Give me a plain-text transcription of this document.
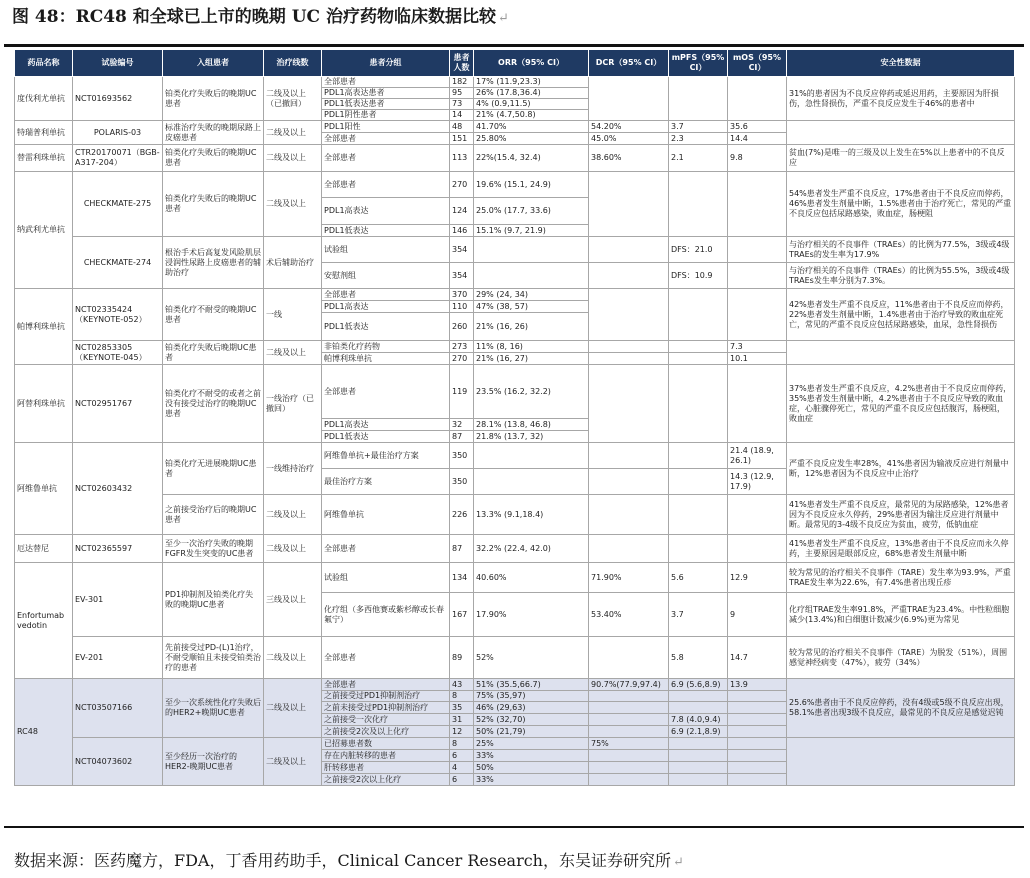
图 48：RC48 和全球已上市的晚期 UC 治疗药物临床数据比较 ↵
药品名称	试验编号	入组患者	治疗线数	患者分组	患者人数	ORR（95% CI）	DCR（95% CI）	mPFS（95% CI）	mOS（95% CI）	安全性数据
度伐利尤单抗	NCT01693562	铂类化疗失败后的晚期UC患者	二线及以上（已撤回）	全部患者	182	17% (11.9,23.3)				31%的患者因为不良反应停药或延迟用药，主要原因为肝损伤，急性肾损伤，严重不良反应发生于46%的患者中
				PDL1高表达患者	95	26% (17.8,36.4)				
				PDL1低表达患者	73	4% (0.9,11.5)				
				PDL1阴性患者	14	21% (4.7,50.8)				
特瑞普利单抗	POLARIS-03	标准治疗失败的晚期尿路上皮癌患者	二线及以上	PDL1阳性	48	41.70%	54.20%	3.7	35.6	
				全部患者	151	25.80%	45.0%	2.3	14.4	
替雷利珠单抗	CTR20170071（BGB-A317-204）	铂类化疗失败后的晚期UC患者	二线及以上	全部患者	113	22%(15.4, 32.4)	38.60%	2.1	9.8	贫血(7%)是唯一的三级及以上发生在5%以上患者中的不良反应
纳武利尤单抗	CHECKMATE-275	铂类化疗失败后的晚期UC患者	二线及以上	全部患者	270	19.6% (15.1, 24.9)				54%患者发生严重不良反应，17%患者由于不良反应而停药，46%患者发生剂量中断，1.5%患者由于治疗死亡，常见的严重不良反应包括尿路感染，败血症，肠梗阻
				PDL1高表达	124	25.0% (17.7, 33.6)				
				PDL1低表达	146	15.1% (9.7, 21.9)				
	CHECKMATE-274	根治手术后高复发风险肌层浸润性尿路上皮癌患者的辅助治疗	术后辅助治疗	试验组	354			DFS：21.0		与治疗相关的不良事件（TRAEs）的比例为77.5%，3级或4级TRAEs的发生率为17.9%
				安慰剂组	354			DFS：10.9		与治疗相关的不良事件（TRAEs）的比例为55.5%，3级或4级TRAEs发生率分别为7.3%。
帕博利珠单抗	NCT02335424（KEYNOTE-052）	铂类化疗不耐受的晚期UC患者	一线	全部患者	370	29% (24, 34)				42%患者发生严重不良反应，11%患者由于不良反应而停药，22%患者发生剂量中断，1.4%患者由于治疗导致的败血症死亡，常见的严重不良反应包括尿路感染，血尿，急性肾损伤
				PDL1高表达	110	47% (38, 57)				
				PDL1低表达	260	21% (16, 26)				
	NCT02853305（KEYNOTE-045）	铂类化疗失败后晚期UC患者	二线及以上	非铂类化疗药物	273	11% (8, 16)			7.3	
				帕博利珠单抗	270	21% (16, 27)			10.1	
阿替利珠单抗	NCT02951767	铂类化疗不耐受的或者之前没有接受过治疗的晚期UC患者	一线治疗（已撤回）	全部患者	119	23.5% (16.2, 32.2)				37%患者发生严重不良反应，4.2%患者由于不良反应而停药，35%患者发生剂量中断，4.2%患者由于不良反应导致的败血症，心脏骤停死亡，常见的严重不良反应包括腹泻，肠梗阻，败血症
				PDL1高表达	32	28.1% (13.8, 46.8)				
				PDL1低表达	87	21.8% (13.7, 32)				
阿维鲁单抗	NCT02603432	铂类化疗无进展晚期UC患者	一线维持治疗	阿维鲁单抗+最佳治疗方案	350				21.4 (18.9, 26.1)	严重不良反应发生率28%，41%患者因为输液反应进行剂量中断，12%患者因为不良反应中止治疗
				最佳治疗方案	350				14.3 (12.9, 17.9)	
		之前接受治疗后的晚期UC患者	二线及以上	阿维鲁单抗	226	13.3% (9.1,18.4)				41%患者发生严重不良反应，最常见的为尿路感染，12%患者因为不良反应永久停药，29%患者因为输注反应进行剂量中断。最常见的3-4级不良反应为贫血，疲劳，低钠血症
厄达替尼	NCT02365597	至少一次治疗失败的晚期FGFR发生突变的UC患者	二线及以上	全部患者	87	32.2% (22.4, 42.0)				41%患者发生严重不良反应，13%患者由于不良反应而永久停药，主要原因是眼部反应，68%患者发生剂量中断
Enfortumab vedotin	EV-301	PD1抑制剂及铂类化疗失败的晚期UC患者	三线及以上	试验组	134	40.60%	71.90%	5.6	12.9	较为常见的治疗相关不良事件（TARE）发生率为93.9%，严重TRAE发生率为22.6%，有7.4%患者出现丘疹
				化疗组（多西他赛或紫杉醇或长春氟宁）	167	17.90%	53.40%	3.7	9	化疗组TRAE发生率91.8%，严重TRAE为23.4%。中性粒细胞减少(13.4%)和白细胞计数减少(6.9%)更为常见
	EV-201	先前接受过PD-(L)1治疗，不耐受顺铂且未接受铂类治疗的患者	二线及以上	全部患者	89	52%		5.8	14.7	较为常见的治疗相关不良事件（TARE）为脱发（51%），周围感觉神经病变（47%），疲劳（34%）
RC48	NCT03507166	至少一次系统性化疗失败后的HER2+晚期UC患者	二线及以上	全部患者	43	51% (35.5,66.7)	90.7%(77.9,97.4)	6.9 (5.6,8.9)	13.9	25.6%患者由于不良反应停药，没有4级或5级不良反应出现，58.1%患者出现3级不良反应，最常见的不良反应是感觉迟钝
				之前接受过PD1抑制剂治疗	8	75% (35,97)				
				之前未接受过PD1抑制剂治疗	35	46% (29,63)				
				之前接受一次化疗	31	52% (32,70)		7.8 (4.0,9.4)		
				之前接受2次及以上化疗	12	50% (21,79)		6.9 (2.1,8.9)		
	NCT04073602	至少经历一次治疗的HER2-晚期UC患者	二线及以上	已招募患者数	8	25%	75%			
				存在内脏转移的患者	6	33%				
				肝转移患者	4	50%				
				之前接受2次以上化疗	6	33%				
数据来源：医药魔方，FDA，丁香用药助手，Clinical Cancer Research，东吴证券研究所 ↵
